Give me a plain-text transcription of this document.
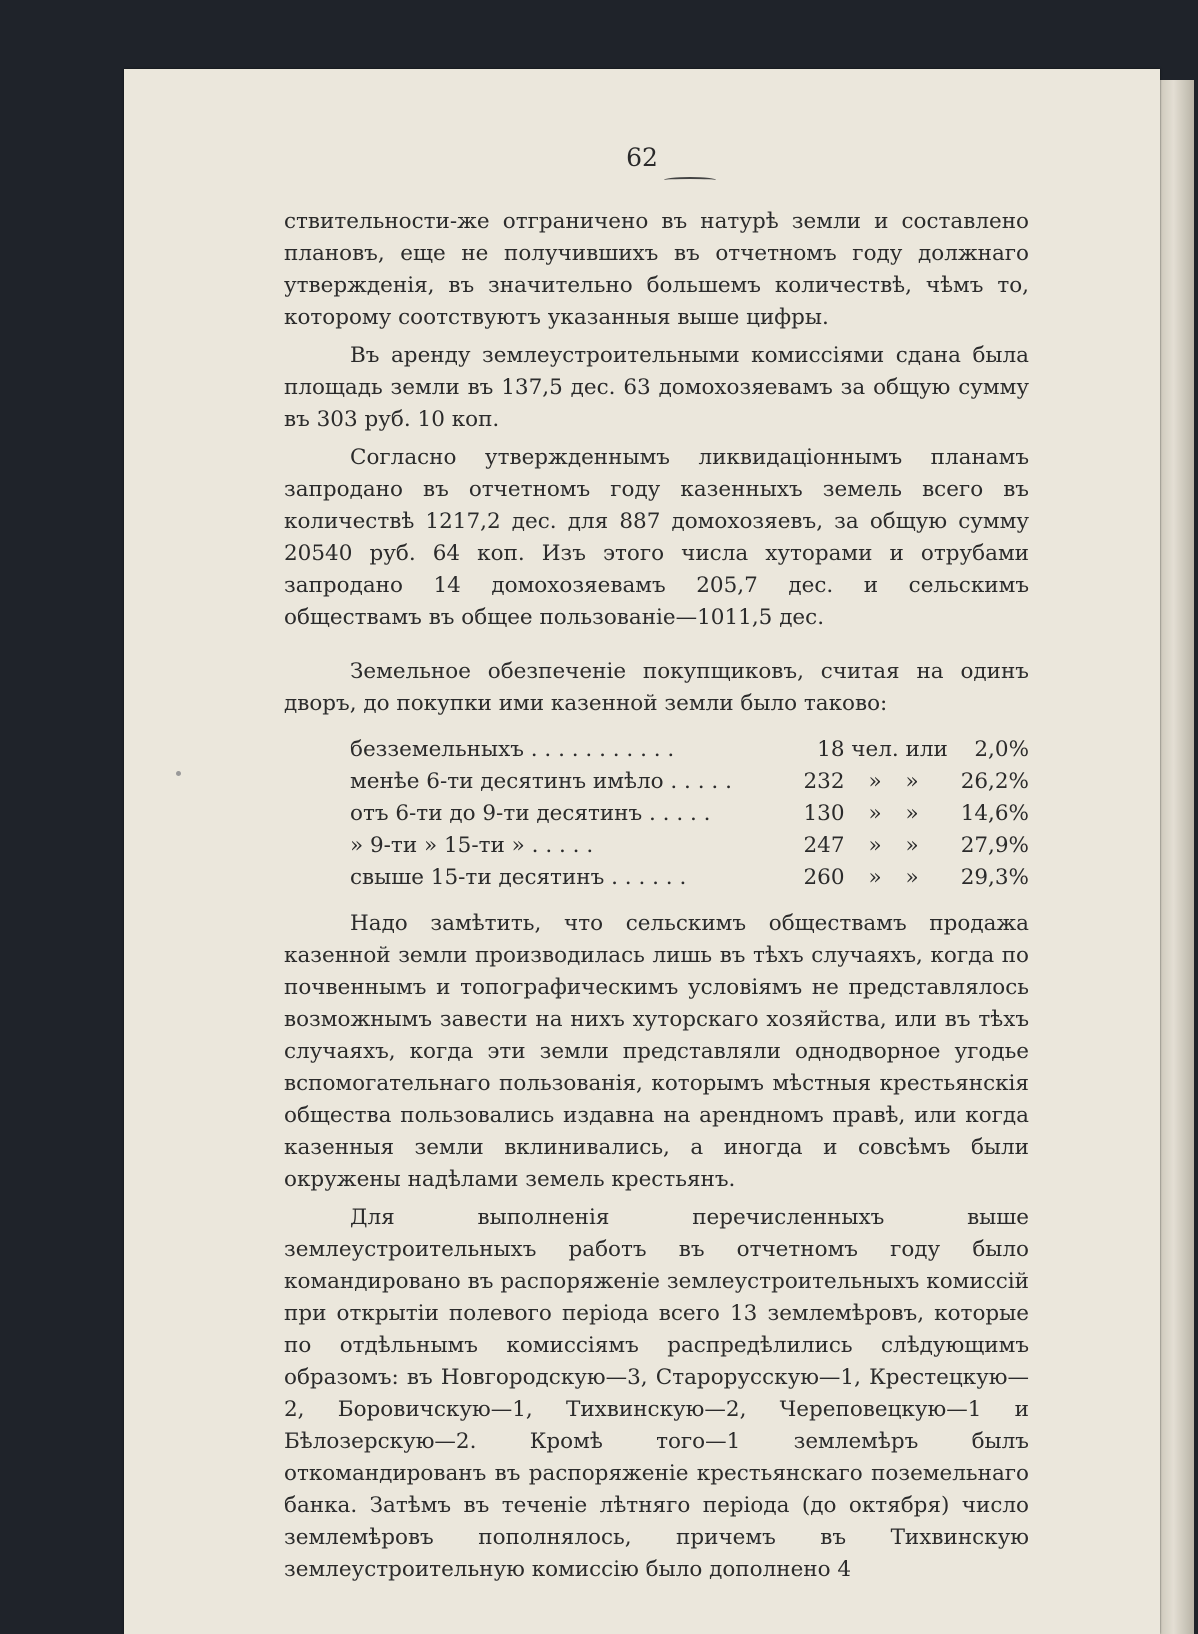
62

ствительности-же отграничено въ натурѣ земли и составлено плановъ, еще не получившихъ въ отчетномъ году должнаго утвержденія, въ значительно большемъ количествѣ, чѣмъ то, которому соотствуютъ указанныя выше цифры.

Въ аренду землеустроительными комиссіями сдана была площадь земли въ 137,5 дес. 63 домохозяевамъ за общую сумму въ 303 руб. 10 коп.

Согласно утвержденнымъ ликвидаціоннымъ планамъ запродано въ отчетномъ году казенныхъ земель всего въ количествѣ 1217,2 дес. для 887 домохозяевъ, за общую сумму 20540 руб. 64 коп. Изъ этого числа хуторами и отрубами запродано 14 домохозяевамъ 205,7 дес. и сельскимъ обществамъ въ общее пользованіе—1011,5 дес.

Земельное обезпеченіе покупщиковъ, считая на одинъ дворъ, до покупки ими казенной земли было таково:

безземельныхъ . . . . . . . . . . .	18	чел.	или	2,0%
менѣе 6-ти десятинъ имѣло . . . . .	232	»	»	26,2%
отъ 6-ти до 9-ти десятинъ . . . . .	130	»	»	14,6%
» 9-ти » 15-ти » . . . . .	247	»	»	27,9%
свыше 15-ти десятинъ . . . . . .	260	»	»	29,3%

Надо замѣтить, что сельскимъ обществамъ продажа казенной земли производилась лишь въ тѣхъ случаяхъ, когда по почвеннымъ и топографическимъ условіямъ не представлялось возможнымъ завести на нихъ хуторскаго хозяйства, или въ тѣхъ случаяхъ, когда эти земли представляли однодворное угодье вспомогательнаго пользованія, которымъ мѣстныя крестьянскія общества пользовались издавна на арендномъ правѣ, или когда казенныя земли вклинивались, а иногда и совсѣмъ были окружены надѣлами земель крестьянъ.

Для выполненія перечисленныхъ выше землеустроительныхъ работъ въ отчетномъ году было командировано въ распоряженіе землеустроительныхъ комиссій при открытіи полевого періода всего 13 землемѣровъ, которые по отдѣльнымъ комиссіямъ распредѣлились слѣдующимъ образомъ: въ Новгородскую—3, Старорусскую—1, Крестецкую—2, Боровичскую—1, Тихвинскую—2, Череповецкую—1 и Бѣлозерскую—2. Кромѣ того—1 землемѣръ былъ откомандированъ въ распоряженіе крестьянскаго поземельнаго банка. Затѣмъ въ теченіе лѣтняго періода (до октября) число землемѣровъ пополнялось, причемъ въ Тихвинскую землеустроительную комиссію было дополнено 4
